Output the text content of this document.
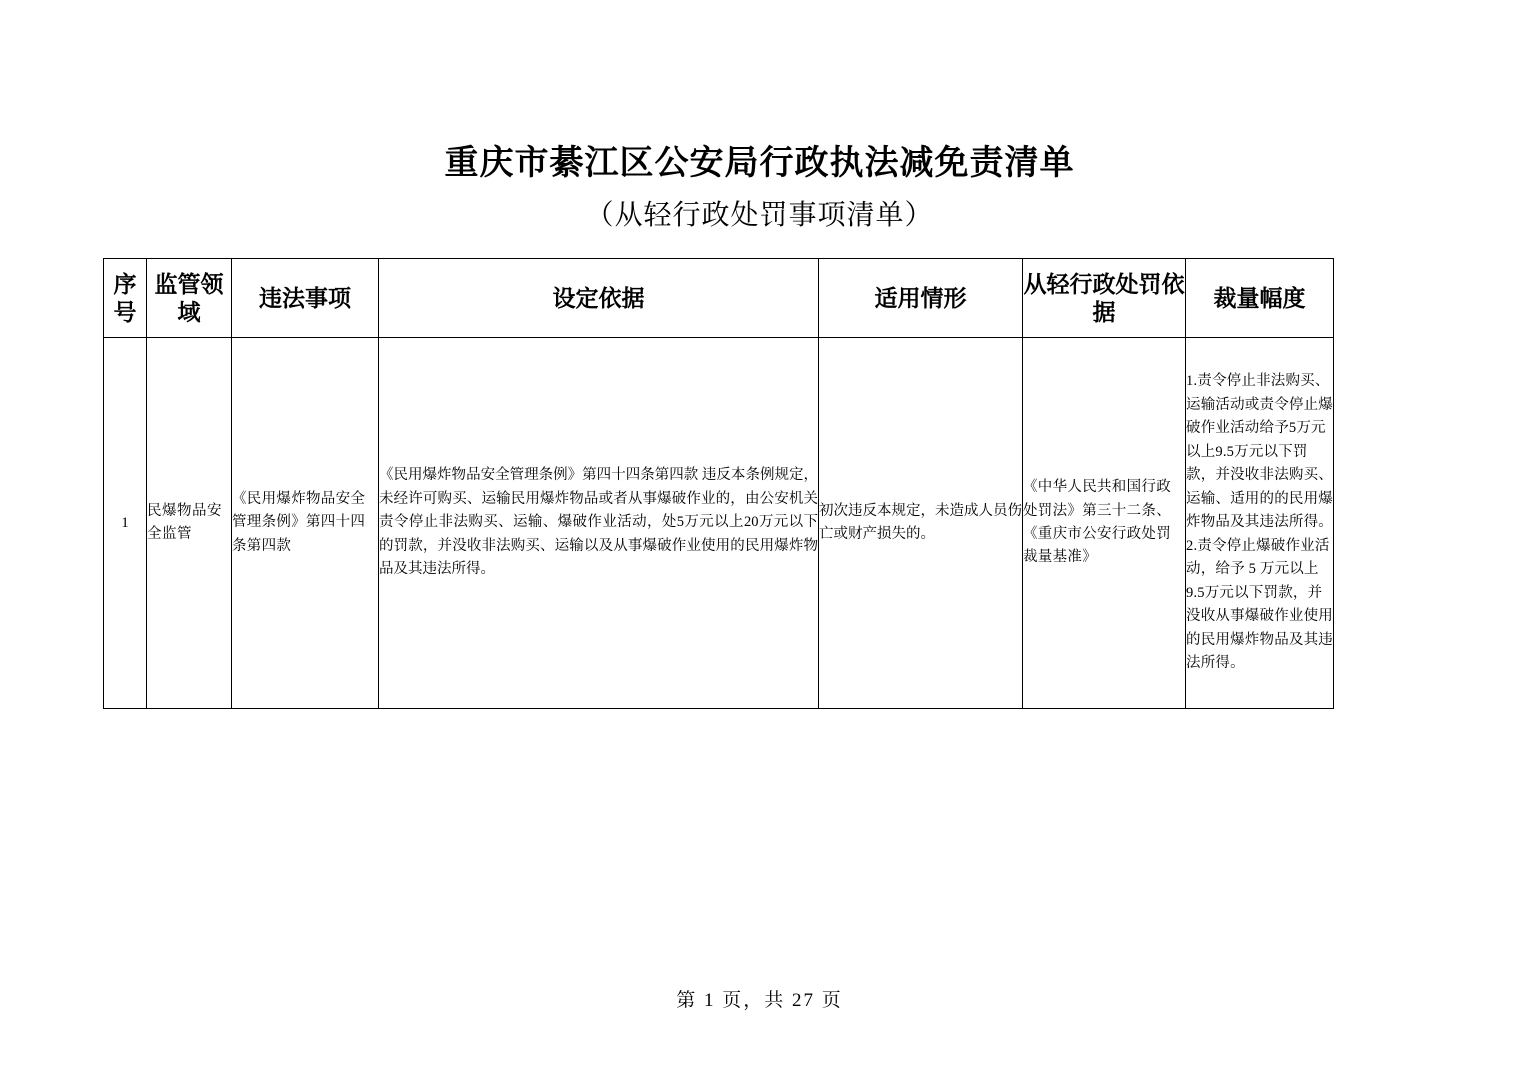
重庆市綦江区公安局行政执法减免责清单
（从轻行政处罚事项清单）
序号	监管领域	违法事项	设定依据	适用情形	从轻行政处罚依据	裁量幅度
1	民爆物品安全监管	《民用爆炸物品安全管理条例》第四十四条第四款	《民用爆炸物品安全管理条例》第四十四条第四款 违反本条例规定，未经许可购买、运输民用爆炸物品或者从事爆破作业的，由公安机关责令停止非法购买、运输、爆破作业活动，处5万元以上20万元以下的罚款，并没收非法购买、运输以及从事爆破作业使用的民用爆炸物品及其违法所得。	初次违反本规定，未造成人员伤亡或财产损失的。	《中华人民共和国行政处罚法》第三十二条、《重庆市公安行政处罚裁量基准》	1.责令停止非法购买、运输活动或责令停止爆破作业活动给予5万元以上9.5万元以下罚款，并没收非法购买、运输、适用的的民用爆炸物品及其违法所得。
2.责令停止爆破作业活动，给予 5 万元以上9.5万元以下罚款，并没收从事爆破作业使用的民用爆炸物品及其违法所得。
第 1 页，共 27 页
